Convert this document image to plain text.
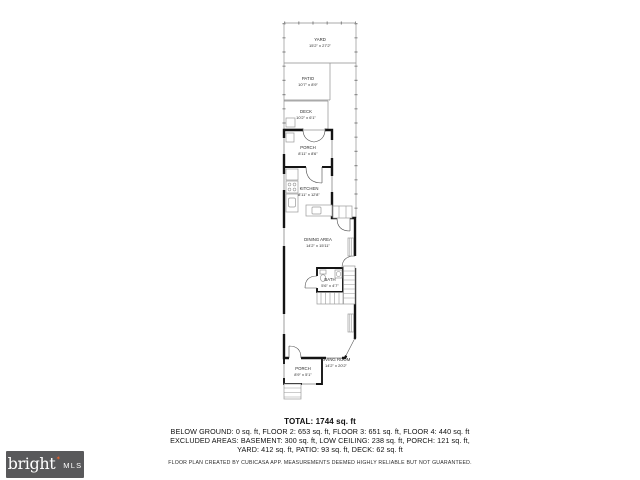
YARD
15'2" x 27'2"
PATIO
10'7" x 8'9"
DECK
10'2" x 6'1"
PORCH
8'11" x 8'6"
KITCHEN
8'11" x 12'8"
DINING AREA
14'2" x 15'11"
BATH
5'6" x 4'7"
LIVING ROOM
14'2" x 20'2"
PORCH
8'9" x 5'1"
TOTAL: 1744 sq. ft
BELOW GROUND: 0 sq. ft, FLOOR 2: 653 sq. ft, FLOOR 3: 651 sq. ft, FLOOR 4: 440 sq. ft
EXCLUDED AREAS: BASEMENT: 300 sq. ft, LOW CEILING: 238 sq. ft, PORCH: 121 sq. ft,
YARD: 412 sq. ft, PATIO: 93 sq. ft, DECK: 62 sq. ft
FLOOR PLAN CREATED BY CUBICASA APP. MEASUREMENTS DEEMED HIGHLY RELIABLE BUT NOT GUARANTEED.
bright ✶
MLS
